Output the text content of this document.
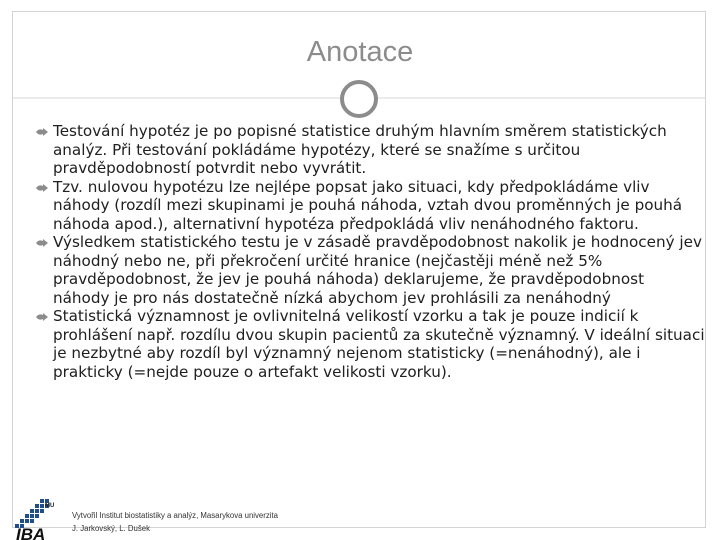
Anotace
Testování hypotéz je po popisné statistice druhým hlavním směrem statistických analýz. Při testování pokládáme hypotézy, které se snažíme s určitou pravděpodobností potvrdit nebo vyvrátit.
Tzv. nulovou hypotézu lze nejlépe popsat jako situaci, kdy předpokládáme vliv náhody (rozdíl mezi skupinami je pouhá náhoda, vztah dvou proměnných je pouhá náhoda apod.), alternativní hypotéza předpokládá vliv nenáhodného faktoru.
Výsledkem statistického testu je v zásadě pravděpodobnost nakolik je hodnocený jev náhodný nebo ne, při překročení určité hranice (nejčastěji méně než 5% pravděpodobnost, že jev je pouhá náhoda) deklarujeme, že pravděpodobnost náhody je pro nás dostatečně nízká abychom jev prohlásili za nenáhodný
Statistická významnost je ovlivnitelná velikostí vzorku a tak je pouze indicií k prohlášení např. rozdílu dvou skupin pacientů za skutečně významný. V ideální situaci je nezbytné aby rozdíl byl významný nejenom statisticky (=nenáhodný), ale i prakticky (=nejde pouze o artefakt velikosti vzorku).
MU
IBA
Vytvořil Institut biostatistiky a analýz, Masarykova univerzita
J. Jarkovský, L. Dušek
